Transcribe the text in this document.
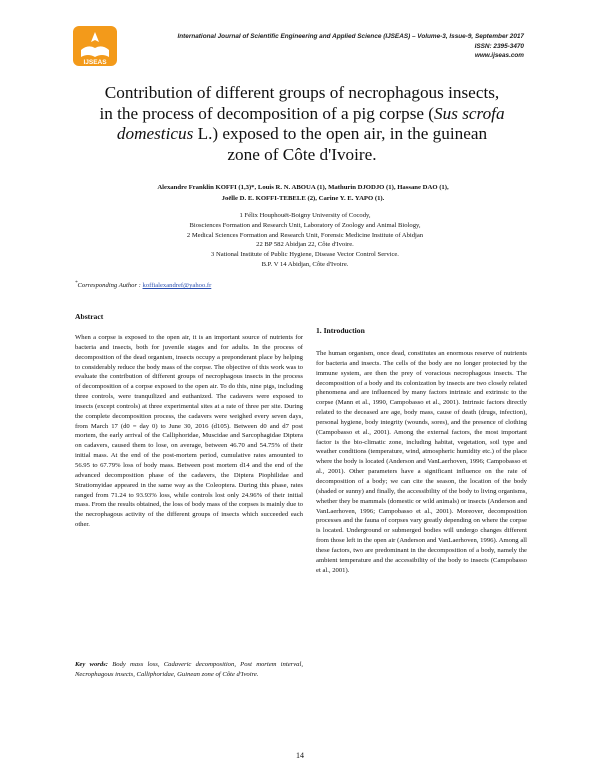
IJSEAS
International Journal of Scientific Engineering and Applied Science (IJSEAS) – Volume-3, Issue-9, September 2017
ISSN: 2395-3470
www.ijseas.com
Contribution of different groups of necrophagous insects,
in the process of decomposition of a pig corpse (Sus scrofa
domesticus L.) exposed to the open air, in the guinean
zone of Côte d'Ivoire.
Alexandre Franklin KOFFI (1,3)*, Louis R. N. ABOUA (1), Mathurin DJODJO (1), Hassane DAO (1),
Joëlle D. E. KOFFI-TEBELE (2), Carine Y. E. YAPO (1).
1 Félix Houphouët-Boigny University of Cocody,
Biosciences Formation and Research Unit, Laboratory of Zoology and Animal Biology,
2 Medical Sciences Formation and Research Unit, Forensic Medicine Institute of Abidjan
22 BP 582 Abidjan 22, Côte d'Ivoire.
3 National Institute of Public Hygiene, Disease Vector Control Service.
B.P. V 14 Abidjan, Côte d'Ivoire.
*Corresponding Author : koffialexandref@yahoo.fr
Abstract

When a corpse is exposed to the open air, it is an important source of nutrients for bacteria and insects, both for juvenile stages and for adults. In the process of decomposition of the dead organism, insects occupy a preponderant place by helping to considerably reduce the body mass of the corpse. The objective of this work was to evaluate the contribution of different groups of necrophagous insects in the process of decomposition of a corpse exposed to the open air. To do this, nine pigs, including three controls, were tranquilized and euthanized. The cadavers were exposed to insects (except controls) at three experimental sites at a rate of three per site. During the complete decomposition process, the cadavers were weighed every seven days, from March 17 (d0 = day 0) to June 30, 2016 (d105). Between d0 and d7 post mortem, the early arrival of the Calliphoridae, Muscidae and Sarcophagidae Diptera on cadavers, caused them to lose, on average, between 46.70 and 54.75% of their initial mass. At the end of the post-mortem period, cumulative rates amounted to 56.95 to 67.79% loss of body mass. Between post mortem d14 and the end of the advanced decomposition phase of the cadavers, the Diptera Piophilidae and Stratiomyidae appeared in the same way as the Coleoptera. During this phase, rates ranged from 71.24 to 93.93% loss, while controls lost only 24.96% of their initial mass. From the results obtained, the loss of body mass of the corpses is mainly due to the necrophagous activity of the different groups of insects which succeeded each other.

Key words: Body mass loss, Cadaveric decomposition, Post mortem interval, Necrophagous insects, Calliphoridae, Guinean zone of Côte d'Ivoire.
1. Introduction

The human organism, once dead, constitutes an enormous reserve of nutrients for bacteria and insects. The cells of the body are no longer protected by the immune system, are then the prey of voracious necrophagous insects. The decomposition of a body and its colonization by insects are two closely related phenomena and are influenced by many factors intrinsic and extrinsic to the corpse (Mann et al., 1990, Campobasso et al., 2001). Intrinsic factors directly related to the deceased are age, body mass, cause of death (drugs, infection), personal hygiene, body integrity (wounds, sores), and the presence of clothing (Campobasso et al., 2001). Among the external factors, the most important factor is the bio-climatic zone, including habitat, vegetation, soil type and weather conditions (temperature, wind, atmospheric humidity etc.) of the place where the body is located (Anderson and VanLaerhoven, 1996; Campobasso et al., 2001). Other parameters have a significant influence on the rate of decomposition of a body; we can cite the season, the location of the body (shaded or sunny) and finally, the accessibility of the body to living organisms, whether they be mammals (domestic or wild animals) or insects (Anderson and VanLaerhoven, 1996; Campobasso et al., 2001). Moreover, decomposition processes and the fauna of corpses vary greatly depending on where the corpse is located. Underground or submerged bodies will undergo changes different from those left in the open air (Anderson and VanLaerhoven, 1996). Among all these factors, two are predominant in the decomposition of a body, namely the ambient temperature and the accessibility of the body to insects (Campobasso et al., 2001).

14
